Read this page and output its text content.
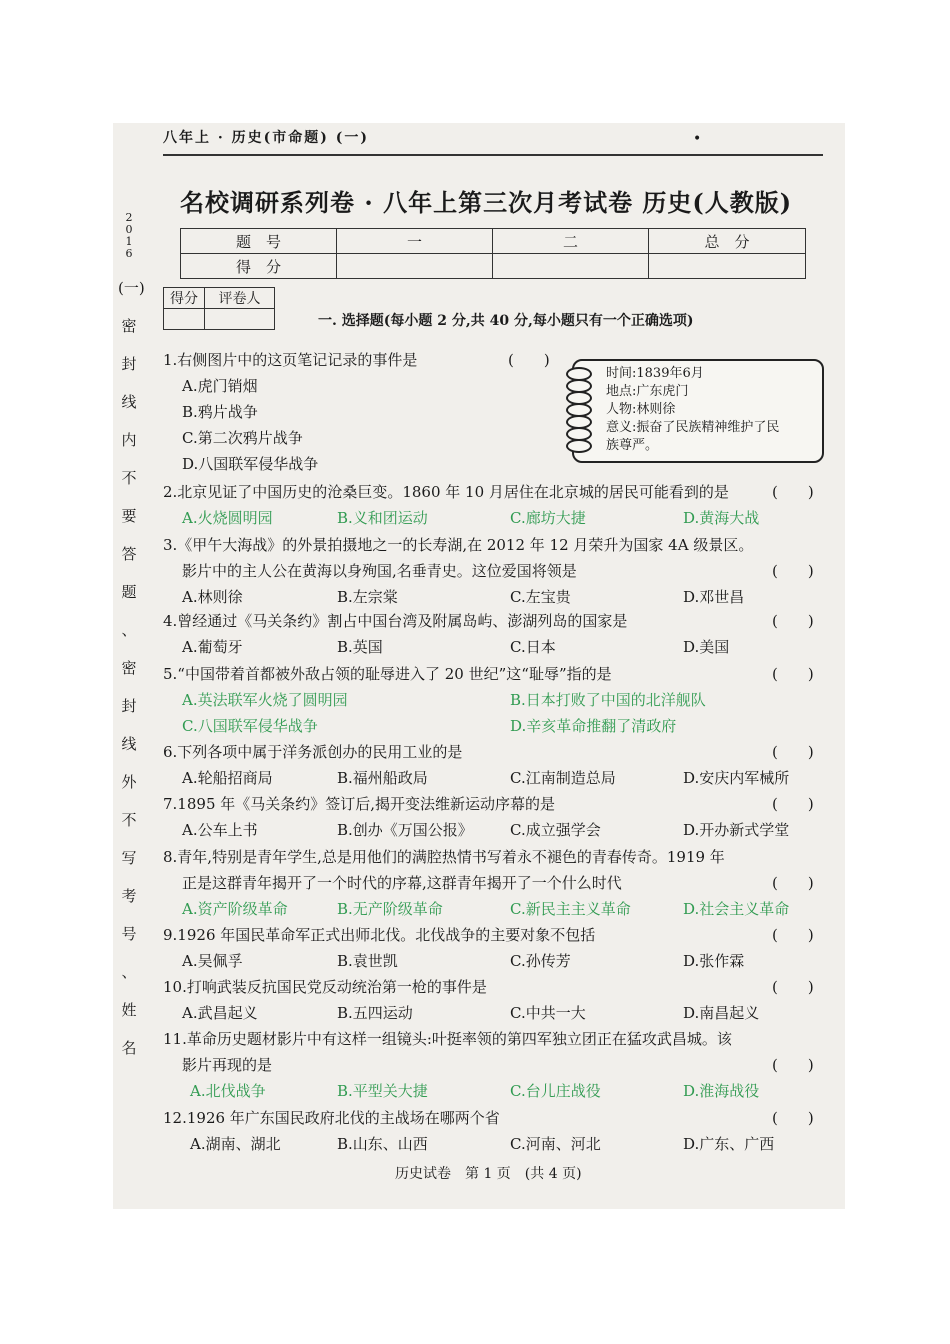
八年上 · 历史(市命题) (一)	•
名校调研系列卷 · 八年上第三次月考试卷 历史(人教版)
题　号	一	二	总　分
得　分			
得分	评卷人

一. 选择题(每小题 2 分,共 40 分,每小题只有一个正确选项)
2
0
1
6
(一)
密
封
线
内
不
要
答
题
、
密
封
线
外
不
写
考
号
、
姓
名
时间:1839年6月
地点:广东虎门
人物:林则徐
意义:振奋了民族精神维护了民
族尊严。
1.右侧图片中的这页笔记记录的事件是	(　　)
A.虎门销烟
B.鸦片战争
C.第二次鸦片战争
D.八国联军侵华战争
2.北京见证了中国历史的沧桑巨变。1860 年 10 月居住在北京城的居民可能看到的是	(　　)
A.火烧圆明园	B.义和团运动	C.廊坊大捷	D.黄海大战
3.《甲午大海战》的外景拍摄地之一的长寿湖,在 2012 年 12 月荣升为国家 4A 级景区。
影片中的主人公在黄海以身殉国,名垂青史。这位爱国将领是	(　　)
A.林则徐	B.左宗棠	C.左宝贵	D.邓世昌
4.曾经通过《马关条约》割占中国台湾及附属岛屿、澎湖列岛的国家是	(　　)
A.葡萄牙	B.英国	C.日本	D.美国
5.“中国带着首都被外敌占领的耻辱进入了 20 世纪”这“耻辱”指的是	(　　)
A.英法联军火烧了圆明园	B.日本打败了中国的北洋舰队
C.八国联军侵华战争	D.辛亥革命推翻了清政府
6.下列各项中属于洋务派创办的民用工业的是	(　　)
A.轮船招商局	B.福州船政局	C.江南制造总局	D.安庆内军械所
7.1895 年《马关条约》签订后,揭开变法维新运动序幕的是	(　　)
A.公车上书	B.创办《万国公报》 C.成立强学会	D.开办新式学堂
8.青年,特别是青年学生,总是用他们的满腔热情书写着永不褪色的青春传奇。1919 年
正是这群青年揭开了一个时代的序幕,这群青年揭开了一个什么时代	(　　)
A.资产阶级革命	B.无产阶级革命	C.新民主主义革命	D.社会主义革命
9.1926 年国民革命军正式出师北伐。北伐战争的主要对象不包括	(　　)
A.吴佩孚	B.袁世凯	C.孙传芳	D.张作霖
10.打响武装反抗国民党反动统治第一枪的事件是	(　　)
A.武昌起义	B.五四运动	C.中共一大	D.南昌起义
11.革命历史题材影片中有这样一组镜头:叶挺率领的第四军独立团正在猛攻武昌城。该
影片再现的是	(　　)
A.北伐战争	B.平型关大捷	C.台儿庄战役	D.淮海战役
12.1926 年广东国民政府北伐的主战场在哪两个省	(　　)
A.湖南、湖北	B.山东、山西	C.河南、河北	D.广东、广西
历史试卷　第 1 页　(共 4 页)
